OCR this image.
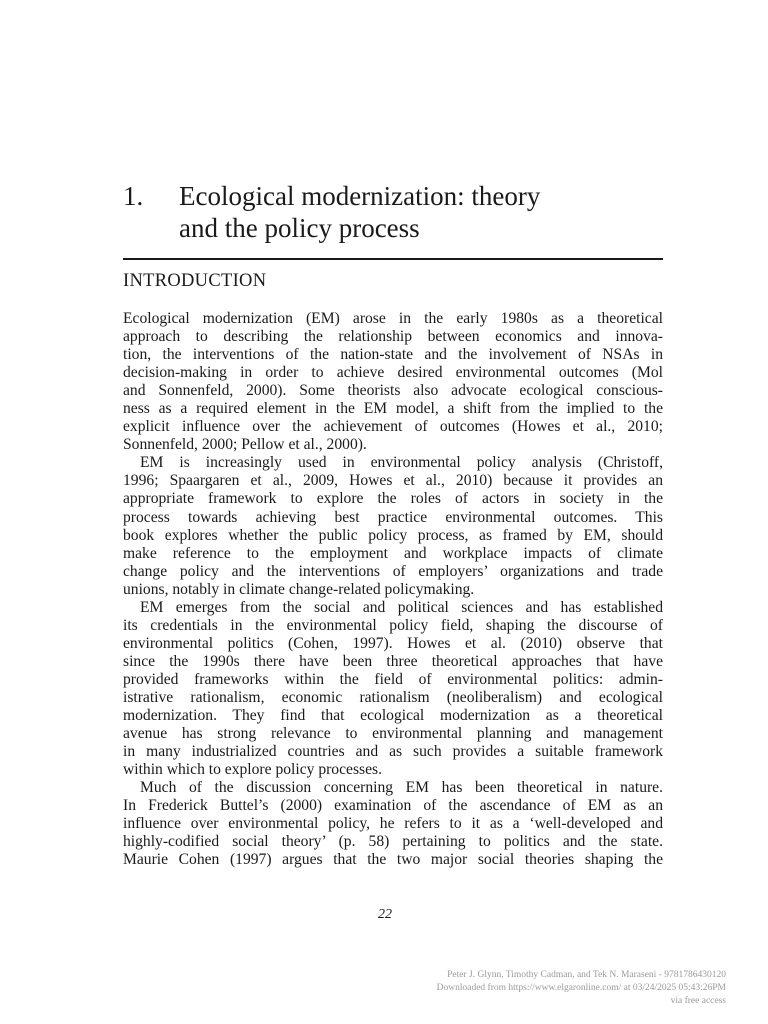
1. Ecological modernization: theory
and the policy process
INTRODUCTION
Ecological modernization (EM) arose in the early 1980s as a theoretical
approach to describing the relationship between economics and innova-
tion, the interventions of the nation-state and the involvement of NSAs in
decision-making in order to achieve desired environmental outcomes (Mol
and Sonnenfeld, 2000). Some theorists also advocate ecological conscious-
ness as a required element in the EM model, a shift from the implied to the
explicit influence over the achievement of outcomes (Howes et al., 2010;
Sonnenfeld, 2000; Pellow et al., 2000).
EM is increasingly used in environmental policy analysis (Christoff,
1996; Spaargaren et al., 2009, Howes et al., 2010) because it provides an
appropriate framework to explore the roles of actors in society in the
process towards achieving best practice environmental outcomes. This
book explores whether the public policy process, as framed by EM, should
make reference to the employment and workplace impacts of climate
change policy and the interventions of employers’ organizations and trade
unions, notably in climate change-related policymaking.
EM emerges from the social and political sciences and has established
its credentials in the environmental policy field, shaping the discourse of
environmental politics (Cohen, 1997). Howes et al. (2010) observe that
since the 1990s there have been three theoretical approaches that have
provided frameworks within the field of environmental politics: admin-
istrative rationalism, economic rationalism (neoliberalism) and ecological
modernization. They find that ecological modernization as a theoretical
avenue has strong relevance to environmental planning and management
in many industrialized countries and as such provides a suitable framework
within which to explore policy processes.
Much of the discussion concerning EM has been theoretical in nature.
In Frederick Buttel’s (2000) examination of the ascendance of EM as an
influence over environmental policy, he refers to it as a ‘well-developed and
highly-codified social theory’ (p. 58) pertaining to politics and the state.
Maurie Cohen (1997) argues that the two major social theories shaping the
22
Peter J. Glynn, Timothy Cadman, and Tek N. Maraseni - 9781786430120
Downloaded from https://www.elgaronline.com/ at 03/24/2025 05:43:26PM
via free access
